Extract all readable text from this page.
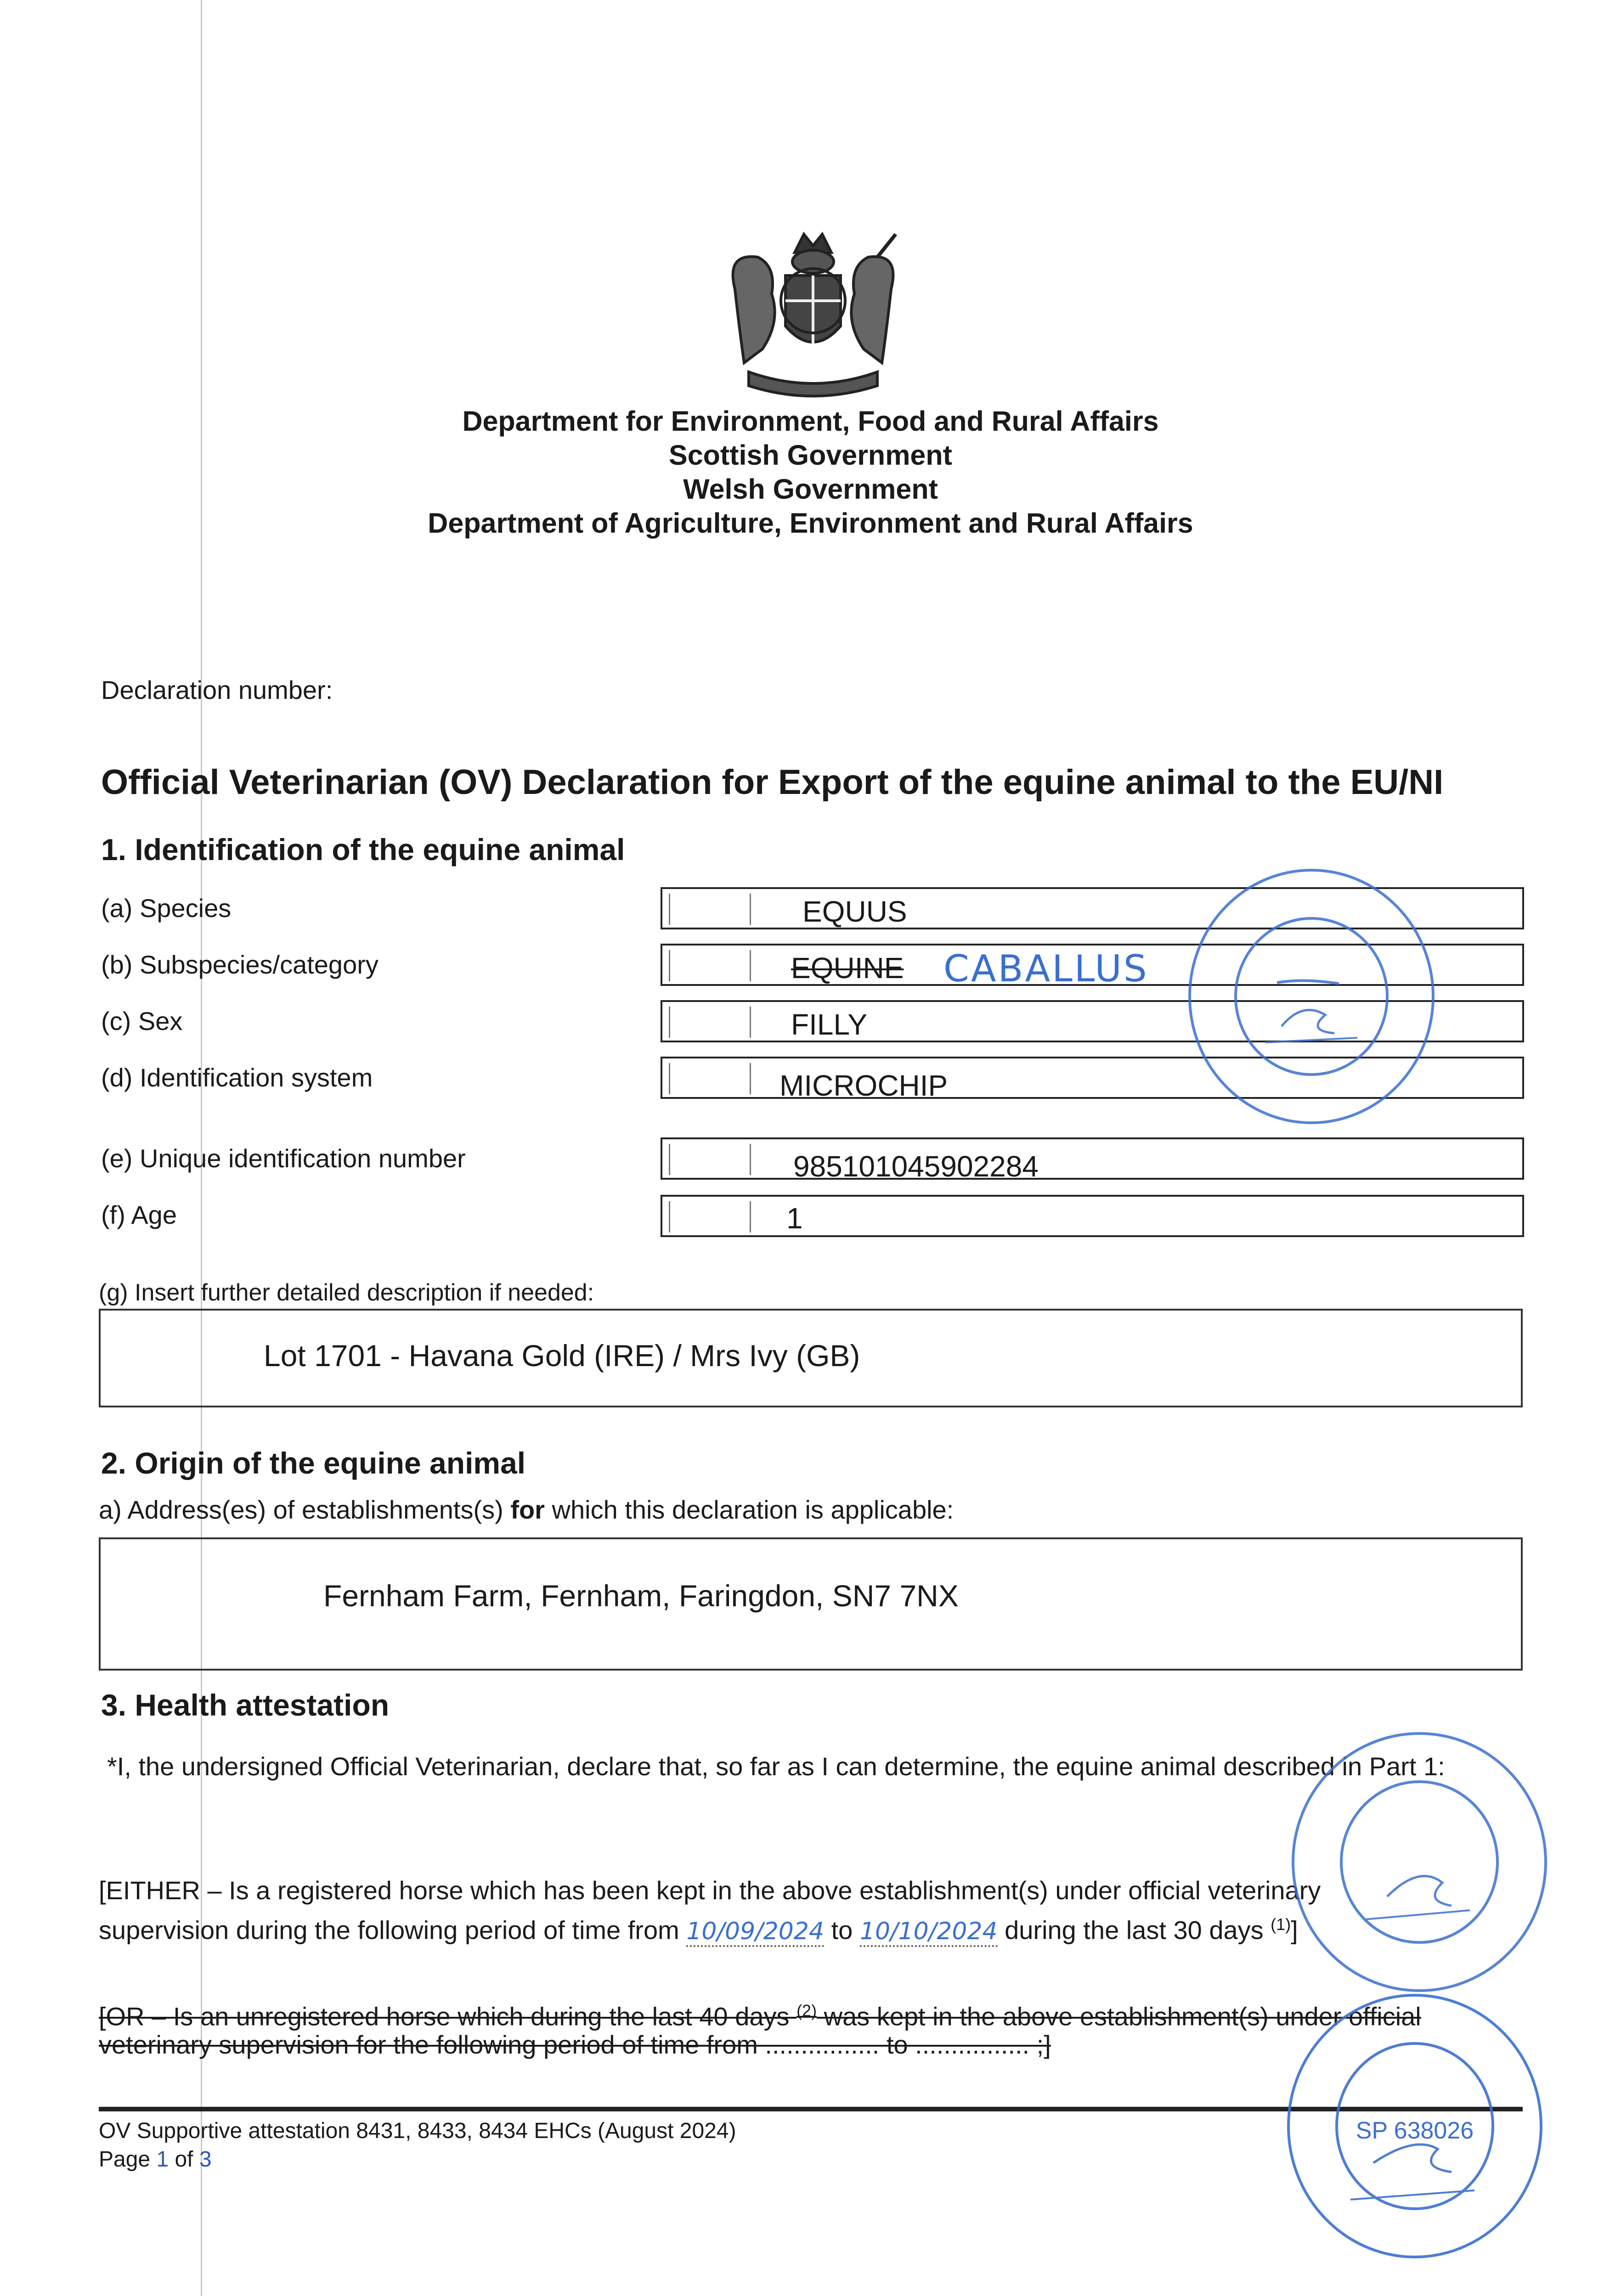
Department for Environment, Food and Rural Affairs
Scottish Government
Welsh Government
Department of Agriculture, Environment and Rural Affairs
Declaration number:
Official Veterinarian (OV) Declaration for Export of the equine animal to the EU/NI
1. Identification of the equine animal
(a) Species	EQUUS
(b) Subspecies/category	EQUINE CABALLUS
(c) Sex	FILLY
(d) Identification system	MICROCHIP
(e) Unique identification number	985101045902284
(f) Age	1
(g) Insert further detailed description if needed:
Lot 1701 - Havana Gold (IRE) / Mrs Ivy (GB)
2. Origin of the equine animal
a) Address(es) of establishments(s) for which this declaration is applicable:
Fernham Farm, Fernham, Faringdon, SN7 7NX
3. Health attestation
*I, the undersigned Official Veterinarian, declare that, so far as I can determine, the equine animal described in Part 1:
[EITHER – Is a registered horse which has been kept in the above establishment(s) under official veterinary
supervision during the following period of time from 10/09/2024 to 10/10/2024 during the last 30 days $^{(1)}$]
[OR – Is an unregistered horse which during the last 40 days $^{(2)}$ was kept in the above establishment(s) under official
veterinary supervision for the following period of time from ................ to ................ ;]
OV Supportive attestation 8431, 8433, 8434 EHCs (August 2024)
Page 1 of 3
SP 638026
